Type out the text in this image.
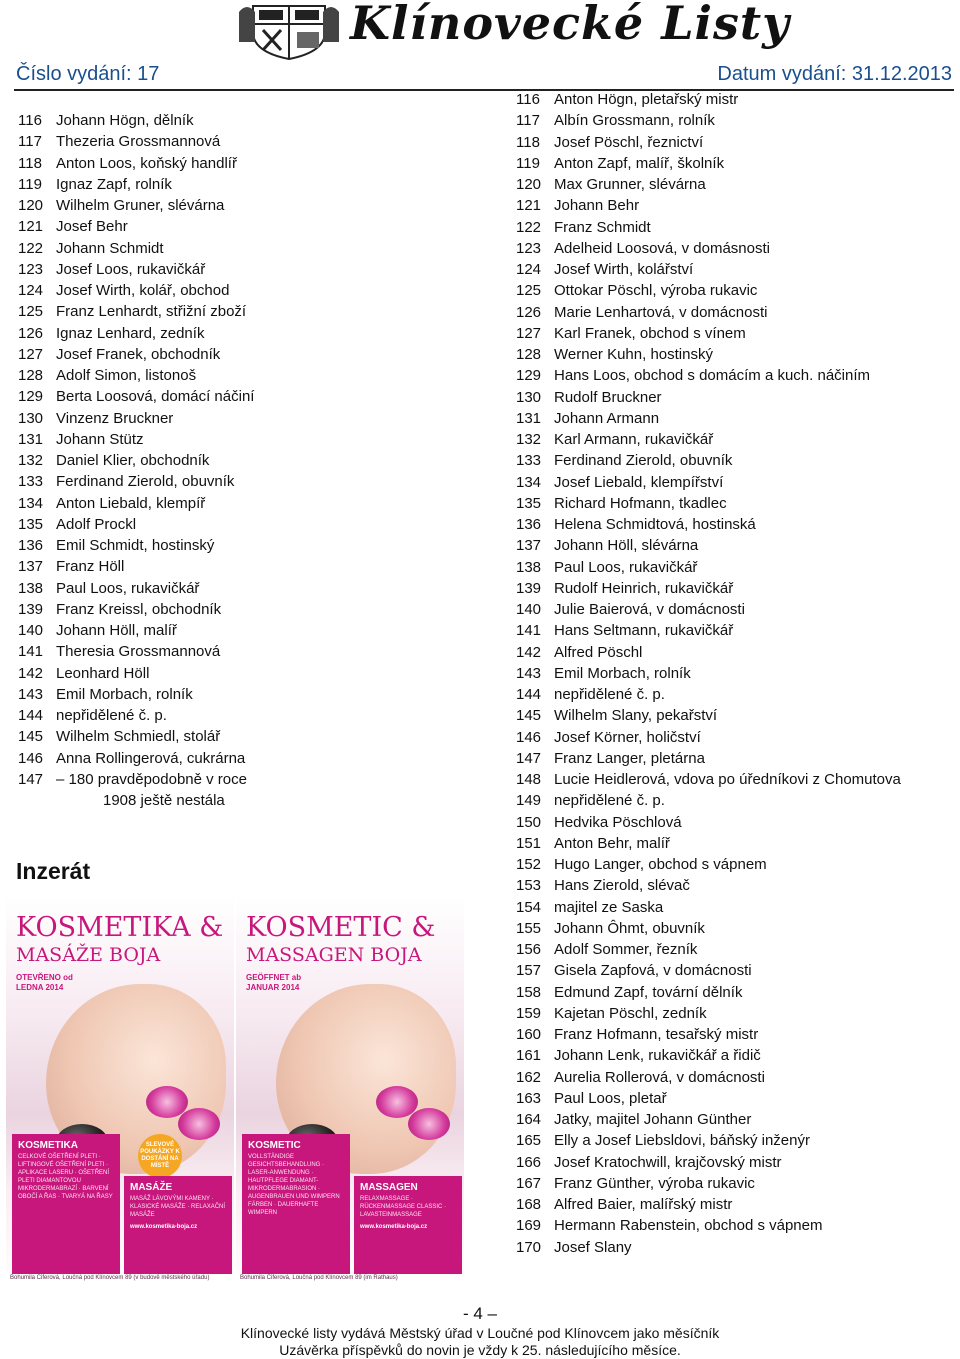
Klínovecké Listy
Číslo vydání: 17	Datum vydání: 31.12.2013
116 Johann Högn, dělník
117 Thezeria Grossmannová
118 Anton Loos, koňský handlíř
119 Ignaz Zapf, rolník
120 Wilhelm Gruner, slévárna
121 Josef Behr
122 Johann Schmidt
123 Josef Loos, rukavičkář
124 Josef Wirth, kolář, obchod
125 Franz Lenhardt, střižní zboží
126 Ignaz Lenhard, zedník
127 Josef Franek, obchodník
128 Adolf Simon, listonoš
129 Berta Loosová, domácí náčiní
130 Vinzenz Bruckner
131 Johann Stütz
132 Daniel Klier, obchodník
133 Ferdinand Zierold, obuvník
134 Anton Liebald, klempíř
135 Adolf Prockl
136 Emil Schmidt, hostinský
137 Franz Höll
138 Paul Loos, rukavičkář
139 Franz Kreissl, obchodník
140 Johann Höll, malíř
141 Theresia Grossmannová
142 Leonhard Höll
143 Emil Morbach, rolník
144 nepřidělené č. p.
145 Wilhelm Schmiedl, stolář
146 Anna Rollingerová, cukrárna
147 – 180 pravděpodobně v roce
1908 ještě nestála
116 Anton Högn, pletařský mistr
117 Albín Grossmann, rolník
118 Josef Pöschl, řeznictví
119 Anton Zapf, malíř, školník
120 Max Grunner, slévárna
121 Johann Behr
122 Franz Schmidt
123 Adelheid Loosová, v domásnosti
124 Josef Wirth, kolářství
125 Ottokar Pöschl, výroba rukavic
126 Marie Lenhartová, v domácnosti
127 Karl Franek, obchod s vínem
128 Werner Kuhn, hostinský
129 Hans Loos, obchod s domácím a kuch. náčiním
130 Rudolf Bruckner
131 Johann Armann
132 Karl Armann, rukavičkář
133 Ferdinand Zierold, obuvník
134 Josef Liebald, klempířství
135 Richard Hofmann, tkadlec
136 Helena Schmidtová, hostinská
137 Johann Höll, slévárna
138 Paul Loos, rukavičkář
139 Rudolf Heinrich, rukavičkář
140 Julie Baierová, v domácnosti
141 Hans Seltmann, rukavičkář
142 Alfred Pöschl
143 Emil Morbach, rolník
144 nepřidělené č. p.
145 Wilhelm Slany, pekařství
146 Josef Körner, holičství
147 Franz Langer, pletárna
148 Lucie Heidlerová, vdova po úředníkovi z Chomutova
149 nepřidělené č. p.
150 Hedvika Pöschlová
151 Anton Behr, malíř
152 Hugo Langer, obchod s vápnem
153 Hans Zierold, slévač
154 majitel ze Saska
155 Johann Ôhmt, obuvník
156 Adolf Sommer, řezník
157 Gisela Zapfová, v domácnosti
158 Edmund Zapf, tovární dělník
159 Kajetan Pöschl, zedník
160 Franz Hofmann, tesařský mistr
161 Johann Lenk, rukavičkář a řidič
162 Aurelia Rollerová, v domácnosti
163 Paul Loos, pletař
164 Jatky, majitel Johann Günther
165 Elly a Josef Liebsldovi, báňský inženýr
166 Josef Kratochwill, krajčovský mistr
167 Franz Günther, výroba rukavic
168 Alfred Baier, malířský mistr
169 Hermann Rabenstein, obchod s vápnem
170 Josef Slany
Inzerát
KOSMETIKA &
MASÁŽE BOJA
OTEVŘENO od LEDNA 2014
SLEVOVÉ POUKÁZKY K DOSTÁNÍ NA MÍSTĚ
KOSMETIKA
CELKOVÉ OŠETŘENÍ PLETI · LIFTINGOVÉ OŠETŘENÍ PLETI · APLIKACE LASERU · OŠETŘENÍ PLETI DIAMANTOVOU MIKRODERMABRAZÍ · BARVENÍ OBOČÍ A ŘAS · TVARYÁ NA ŘASY
MASÁŽE
MASÁŽ LÁVOVÝMI KAMENY · KLASICKÉ MASÁŽE · RELAXAČNÍ MASÁŽE
www.kosmetika-boja.cz
Bohumila Ciferová, Loučná pod Klínovcem 89 (v budově městského úřadu)
KOSMETIC &
MASSAGEN BOJA
GEÖFFNET ab JANUAR 2014
KOSMETIC
VOLLSTÄNDIGE GESICHTSBEHANDLUNG · LASER-ANWENDUNG · HAUTPFLEGE DIAMANT-MIKRODERMABRASION · AUGENBRAUEN UND WIMPERN FÄRBEN · DAUERHAFTE WIMPERN
MASSAGEN
RELAXMASSAGE · RÜCKENMASSAGE CLASSIC · LAVASTEINMASSAGE
www.kosmetika-boja.cz
Bohumila Ciferová, Loučná pod Klínovcem 89 (im Rathaus)
- 4 –
Klínovecké listy vydává Městský úřad v Loučné pod Klínovcem jako měsíčník
Uzávěrka příspěvků do novin je vždy k 25. následujícího měsíce.
